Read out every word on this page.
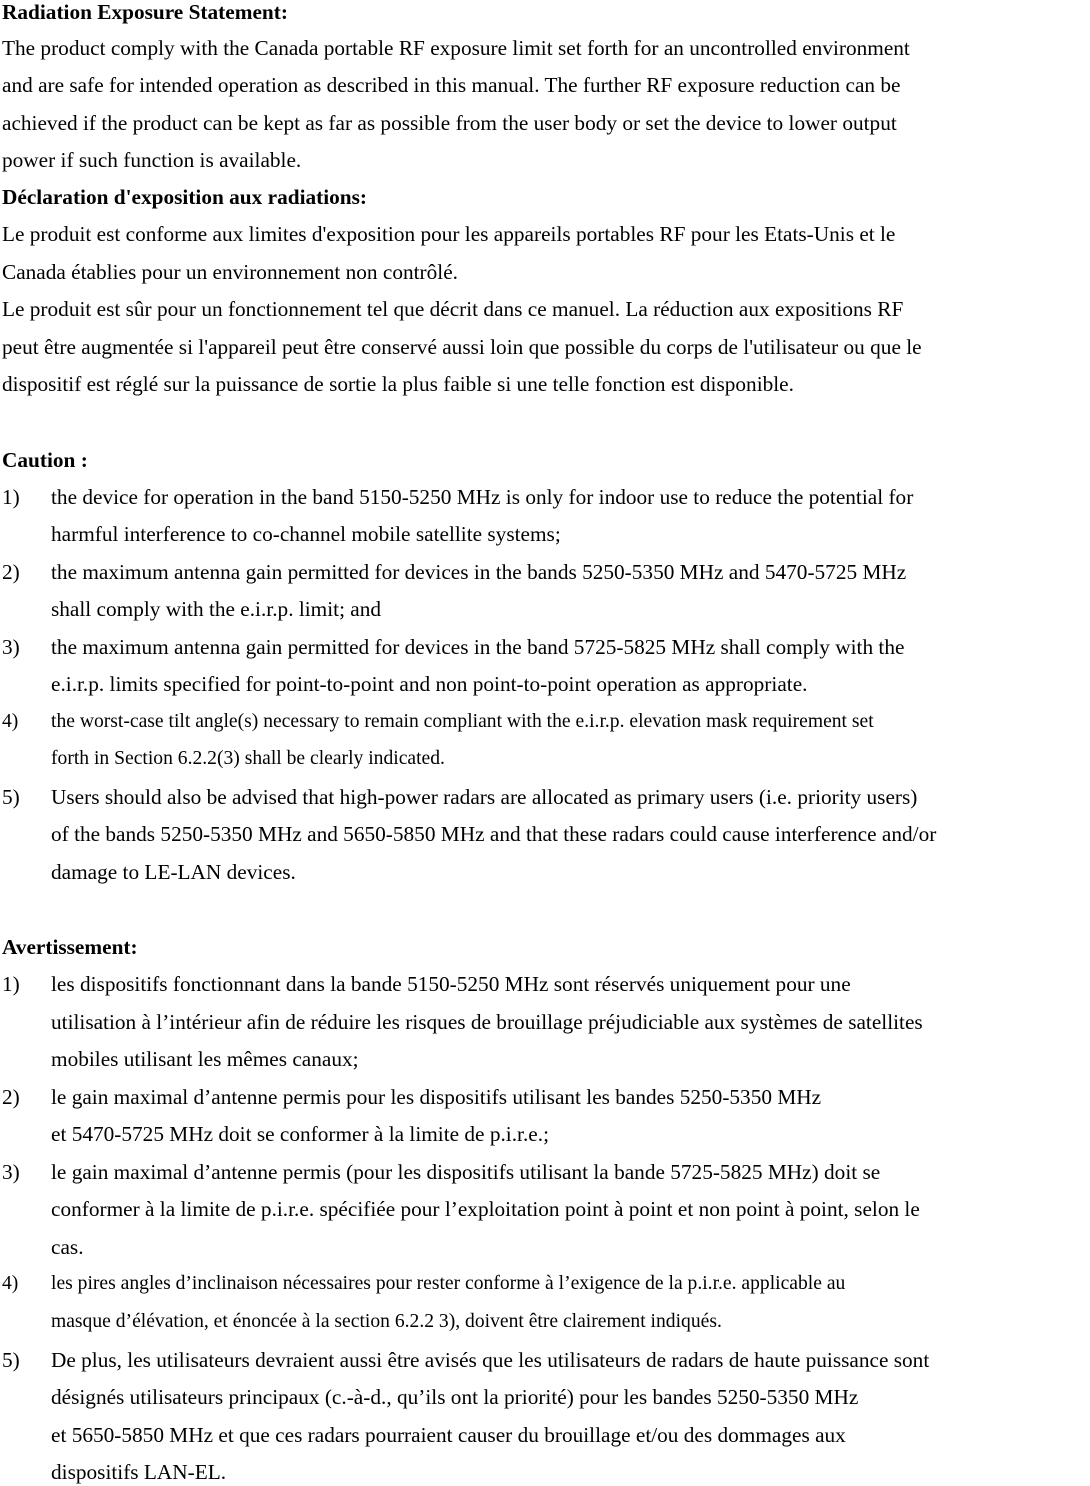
Radiation Exposure Statement:
The product comply with the Canada portable RF exposure limit set forth for an uncontrolled environment
and are safe for intended operation as described in this manual. The further RF exposure reduction can be
achieved if the product can be kept as far as possible from the user body or set the device to lower output
power if such function is available.
Déclaration d'exposition aux radiations:
Le produit est conforme aux limites d'exposition pour les appareils portables RF pour les Etats-Unis et le
Canada établies pour un environnement non contrôlé.
Le produit est sûr pour un fonctionnement tel que décrit dans ce manuel. La réduction aux expositions RF
peut être augmentée si l'appareil peut être conservé aussi loin que possible du corps de l'utilisateur ou que le
dispositif est réglé sur la puissance de sortie la plus faible si une telle fonction est disponible.
Caution :
1) the device for operation in the band 5150-5250 MHz is only for indoor use to reduce the potential for
harmful interference to co-channel mobile satellite systems;
2) the maximum antenna gain permitted for devices in the bands 5250-5350 MHz and 5470-5725 MHz
shall comply with the e.i.r.p. limit; and
3) the maximum antenna gain permitted for devices in the band 5725-5825 MHz shall comply with the
e.i.r.p. limits specified for point-to-point and non point-to-point operation as appropriate.
4) the worst-case tilt angle(s) necessary to remain compliant with the e.i.r.p. elevation mask requirement set
forth in Section 6.2.2(3) shall be clearly indicated.
5) Users should also be advised that high-power radars are allocated as primary users (i.e. priority users)
of the bands 5250-5350 MHz and 5650-5850 MHz and that these radars could cause interference and/or
damage to LE-LAN devices.
Avertissement:
1) les dispositifs fonctionnant dans la bande 5150-5250 MHz sont réservés uniquement pour une
utilisation à l’intérieur afin de réduire les risques de brouillage préjudiciable aux systèmes de satellites
mobiles utilisant les mêmes canaux;
2) le gain maximal d’antenne permis pour les dispositifs utilisant les bandes 5250-5350 MHz
et 5470-5725 MHz doit se conformer à la limite de p.i.r.e.;
3) le gain maximal d’antenne permis (pour les dispositifs utilisant la bande 5725-5825 MHz) doit se
conformer à la limite de p.i.r.e. spécifiée pour l’exploitation point à point et non point à point, selon le
cas.
4) les pires angles d’inclinaison nécessaires pour rester conforme à l’exigence de la p.i.r.e. applicable au
masque d’élévation, et énoncée à la section 6.2.2 3), doivent être clairement indiqués.
5) De plus, les utilisateurs devraient aussi être avisés que les utilisateurs de radars de haute puissance sont
désignés utilisateurs principaux (c.-à-d., qu’ils ont la priorité) pour les bandes 5250-5350 MHz
et 5650-5850 MHz et que ces radars pourraient causer du brouillage et/ou des dommages aux
dispositifs LAN-EL.
